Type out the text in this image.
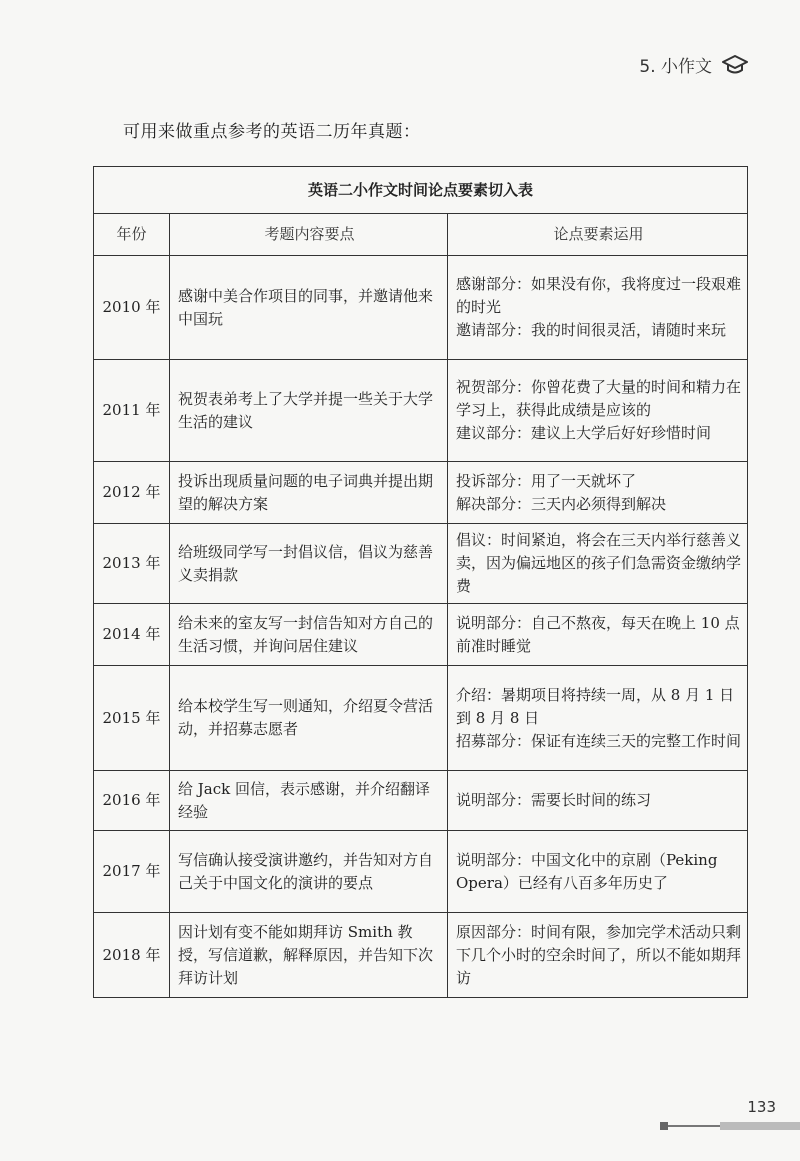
5. 小作文
可用来做重点参考的英语二历年真题：
英语二小作文时间论点要素切入表		
年份	考题内容要点	论点要素运用
2010 年	感谢中美合作项目的同事，并邀请他来中国玩	感谢部分：如果没有你，我将度过一段艰难的时光
邀请部分：我的时间很灵活，请随时来玩

2011 年	祝贺表弟考上了大学并提一些关于大学生活的建议	祝贺部分：你曾花费了大量的时间和精力在学习上，获得此成绩是应该的
建议部分：建议上大学后好好珍惜时间

2012 年	投诉出现质量问题的电子词典并提出期望的解决方案	投诉部分：用了一天就坏了
解决部分：三天内必须得到解决

2013 年	给班级同学写一封倡议信，倡议为慈善义卖捐款	倡议：时间紧迫，将会在三天内举行慈善义卖，因为偏远地区的孩子们急需资金缴纳学费

2014 年	给未来的室友写一封信告知对方自己的生活习惯，并询问居住建议	说明部分：自己不熬夜，每天在晚上 10 点前准时睡觉

2015 年	给本校学生写一则通知，介绍夏令营活动，并招募志愿者	介绍：暑期项目将持续一周，从 8 月 1 日到 8 月 8 日
招募部分：保证有连续三天的完整工作时间

2016 年	给 Jack 回信，表示感谢，并介绍翻译经验	说明部分：需要长时间的练习

2017 年	写信确认接受演讲邀约，并告知对方自己关于中国文化的演讲的要点	说明部分：中国文化中的京剧（Peking Opera）已经有八百多年历史了

2018 年	因计划有变不能如期拜访 Smith 教授，写信道歉，解释原因，并告知下次拜访计划	原因部分：时间有限，参加完学术活动只剩下几个小时的空余时间了，所以不能如期拜访
133
